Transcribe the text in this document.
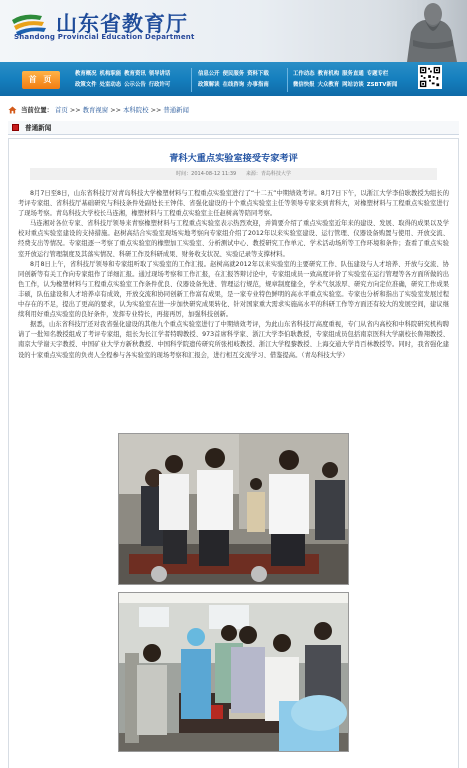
山东省教育厅
Shandong Provincial Education Department
首 页
教育概况 机构职能 教育资讯 领导讲话
政策文件 处室动态 公示公告 行政许可
信息公开 便民服务 资料下载
政策解读 在线咨询 办事指南
工作动态 教育机构 服务直通 专题专栏
微信快报 大众教育 网站访谈 ZSBTV新闻
当前位置： 首页 >> 教育视窗 >> 本科院校 >> 普通新闻
普通新闻
青科大重点实验室接受专家考评
时间：2014-08-12 11:39 来源：青岛科技大学

8月7日至8日，山东省科技厅对青岛科技大学橡塑材料与工程重点实验室进行了“十二五”中期绩效考评。8月7日下午，以浙江大学李伯耿教授为组长的考评专家组、省科技厅基础研究与科技条件处副处长王钟伟、省强化建设的十个重点实验室主任等领导专家来到青科大，对橡塑材料与工程重点实验室进行了现场考察。青岛科技大学校长马连湘，橡塑材料与工程重点实验室主任赵树高等陪同考察。

马连湘对各位专家、省科技厅领导来青察橡塑材料与工程重点实验室表示热烈欢迎，并简要介绍了重点实验室近年来的建设、发展、取得的成果以及学校对重点实验室建设的支持措施。赵树高结合实验室现场实地考察向专家组介绍了2012年以来实验室建设、运行管理、仪器设备购置与使用、开放交流、经费支出等情况。专家组逐一考察了重点实验室的橡塑加工实验室、分析测试中心、教授研究工作单元、学术活动场所等工作环境和条件；查看了重点实验室开放运行管理制度及其落实情况、科研工作及科研成果、财务收支状况、实验记录等支撑材料。

8月8日上午，省科技厅领导和专家组听取了实验室的工作汇报。赵树高就2012年以来实验室的主要研究工作、队伍建设与人才培养、开放与交流、协同创新等有关工作向专家组作了详细汇报。通过现场考察和工作汇报，在汇报答辩讨论中，专家组成员一致高度评价了实验室在运行管理等各方面所做的出色工作，认为橡塑材料与工程重点实验室工作条件优良、仪器设备先进、管理运行规范，规章制度健全，学术气氛浓厚、研究方向定位准确，研究工作成果丰硕，队伍建设和人才培养卓有成效，开放交流和协同创新工作富有成果，是一家专业特色鲜明的高水平重点实验室。专家也分析和指出了实验室发展过程中存在的不足，提出了更高的要求，认为实验室在进一步加快研究成果转化、针对国家重大需求实施高水平的科研工作等方面还有较大的发展空间，建议继续利用好重点实验室的良好条件，发挥专业特长，再接再厉，加强科技创新。

据悉，山东省科技厅还对我省强化建设的其他九个重点实验室进行了中期绩效考评，为此山东省科技厅高度重视，专门从省内高校和中科院研究机构聘请了一批知名教授组成了考评专家组，组长为长江学者特聘教授、973首席科学家、浙江大学李伯耿教授，专家组成员包括南京医科大学副校长鲁翔教授、南京大学谢天宇教授、中国矿业大学方新秋教授、中国科学院遗传研究所张相岐教授、浙江大学程黎教授、上海交通大学肖百林教授等。同时，我省强化建设的十家重点实验室的负责人全程参与各实验室的现场考察和汇报会，进行相互交流学习、借鉴提高。（青岛科技大学）
